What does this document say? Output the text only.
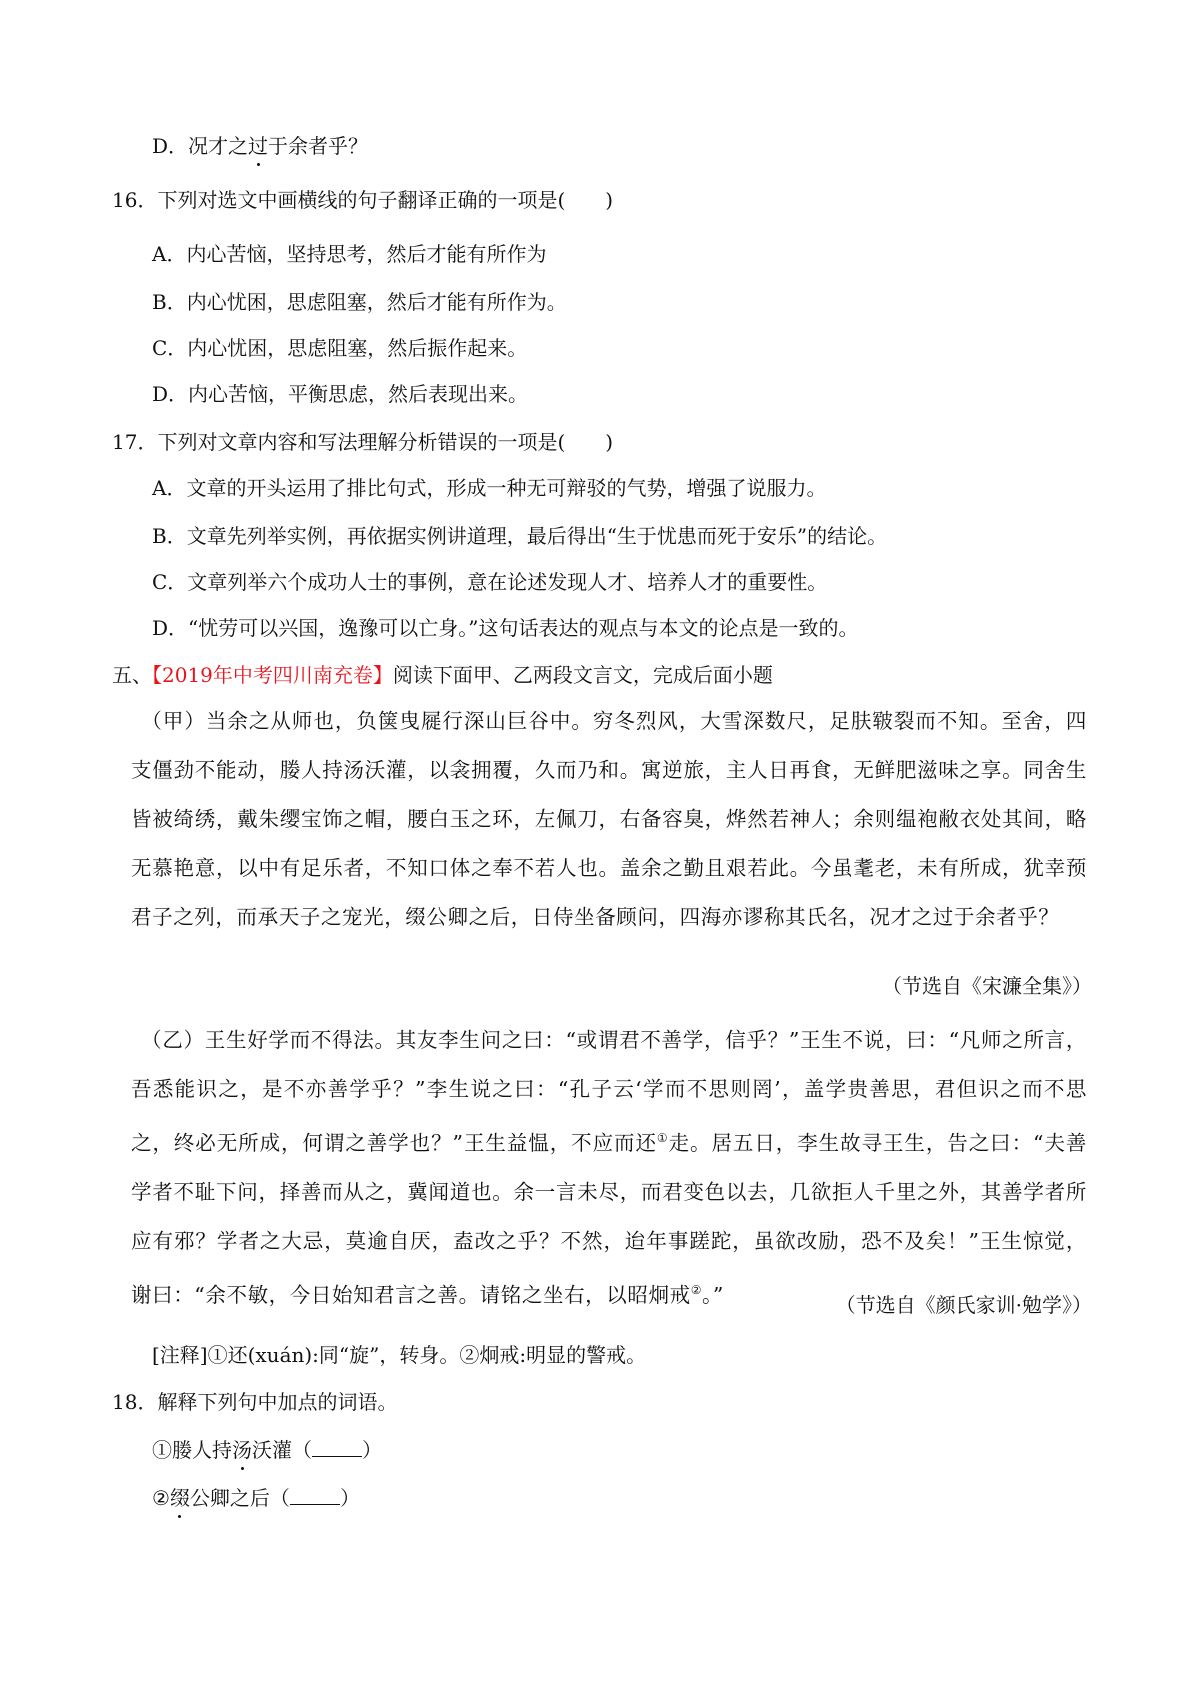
D．况才之过于余者乎？
16．下列对选文中画横线的句子翻译正确的一项是(　　)
A．内心苦恼，坚持思考，然后才能有所作为
B．内心忧困，思虑阻塞，然后才能有所作为。
C．内心忧困，思虑阻塞，然后振作起来。
D．内心苦恼，平衡思虑，然后表现出来。
17．下列对文章内容和写法理解分析错误的一项是(　　)
A．文章的开头运用了排比句式，形成一种无可辩驳的气势，增强了说服力。
B．文章先列举实例，再依据实例讲道理，最后得出“生于忧患而死于安乐”的结论。
C．文章列举六个成功人士的事例，意在论述发现人才、培养人才的重要性。
D．“忧劳可以兴国，逸豫可以亡身。”这句话表达的观点与本文的论点是一致的。
五、【2019年中考四川南充卷】阅读下面甲、乙两段文言文，完成后面小题
（甲）当余之从师也，负箧曳屣行深山巨谷中。穷冬烈风，大雪深数尺，足肤皲裂而不知。至舍，四支僵劲不能动，媵人持汤沃灌，以衾拥覆，久而乃和。寓逆旅，主人日再食，无鲜肥滋味之享。同舍生皆被绮绣，戴朱缨宝饰之帽，腰白玉之环，左佩刀，右备容臭，烨然若神人；余则缊袍敝衣处其间，略无慕艳意，以中有足乐者，不知口体之奉不若人也。盖余之勤且艰若此。今虽耄老，未有所成，犹幸预君子之列，而承天子之宠光，缀公卿之后，日侍坐备顾问，四海亦谬称其氏名，况才之过于余者乎？
（节选自《宋濂全集》）
（乙）王生好学而不得法。其友李生问之曰：“或谓君不善学，信乎？”王生不说，曰：“凡师之所言，吾悉能识之，是不亦善学乎？”李生说之曰：“孔子云‘学而不思则罔’，盖学贵善思，君但识之而不思之，终必无所成，何谓之善学也？”王生益愠，不应而还①走。居五日，李生故寻王生，告之曰：“夫善学者不耻下问，择善而从之，冀闻道也。余一言未尽，而君变色以去，几欲拒人千里之外，其善学者所应有邪？学者之大忌，莫逾自厌，盍改之乎？不然，迨年事蹉跎，虽欲改励，恐不及矣！”王生惊觉，谢曰：“余不敏，今日始知君言之善。请铭之坐右，以昭炯戒②。”	（节选自《颜氏家训·勉学》）
[注释]①还(xuán):同“旋”，转身。②炯戒:明显的警戒。
18．解释下列句中加点的词语。
①媵人持汤沃灌（	）
②缀公卿之后（	）
